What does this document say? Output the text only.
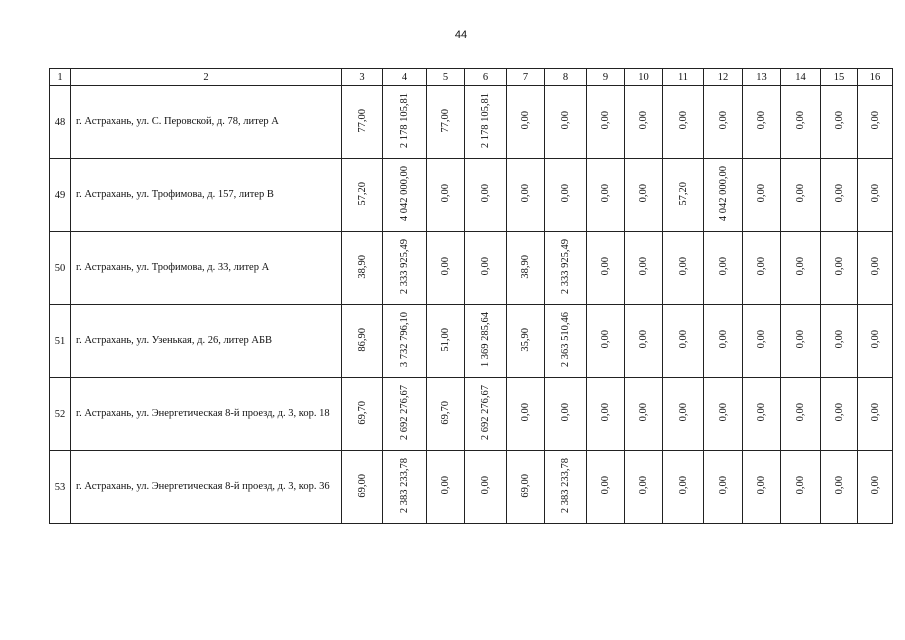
44
1	2	3	4	5	6	7	8	9	10	11	12	13	14	15	16
48	г. Астрахань, ул. С. Перовской, д. 78, литер А	77,00	2 178 105,81	77,00	2 178 105,81	0,00	0,00	0,00	0,00	0,00	0,00	0,00	0,00	0,00	0,00
49	г. Астрахань, ул. Трофимова, д. 157, литер В	57,20	4 042 000,00	0,00	0,00	0,00	0,00	0,00	0,00	57,20	4 042 000,00	0,00	0,00	0,00	0,00
50	г. Астрахань, ул. Трофимова, д. 33, литер А	38,90	2 333 925,49	0,00	0,00	38,90	2 333 925,49	0,00	0,00	0,00	0,00	0,00	0,00	0,00	0,00
51	г. Астрахань, ул. Узенькая, д. 26, литер АБВ	86,90	3 732 796,10	51,00	1 369 285,64	35,90	2 363 510,46	0,00	0,00	0,00	0,00	0,00	0,00	0,00	0,00
52	г. Астрахань, ул. Энергетическая 8-й проезд, д. 3, кор. 18	69,70	2 692 276,67	69,70	2 692 276,67	0,00	0,00	0,00	0,00	0,00	0,00	0,00	0,00	0,00	0,00
53	г. Астрахань, ул. Энергетическая 8-й проезд, д. 3, кор. 36	69,00	2 383 233,78	0,00	0,00	69,00	2 383 233,78	0,00	0,00	0,00	0,00	0,00	0,00	0,00	0,00
